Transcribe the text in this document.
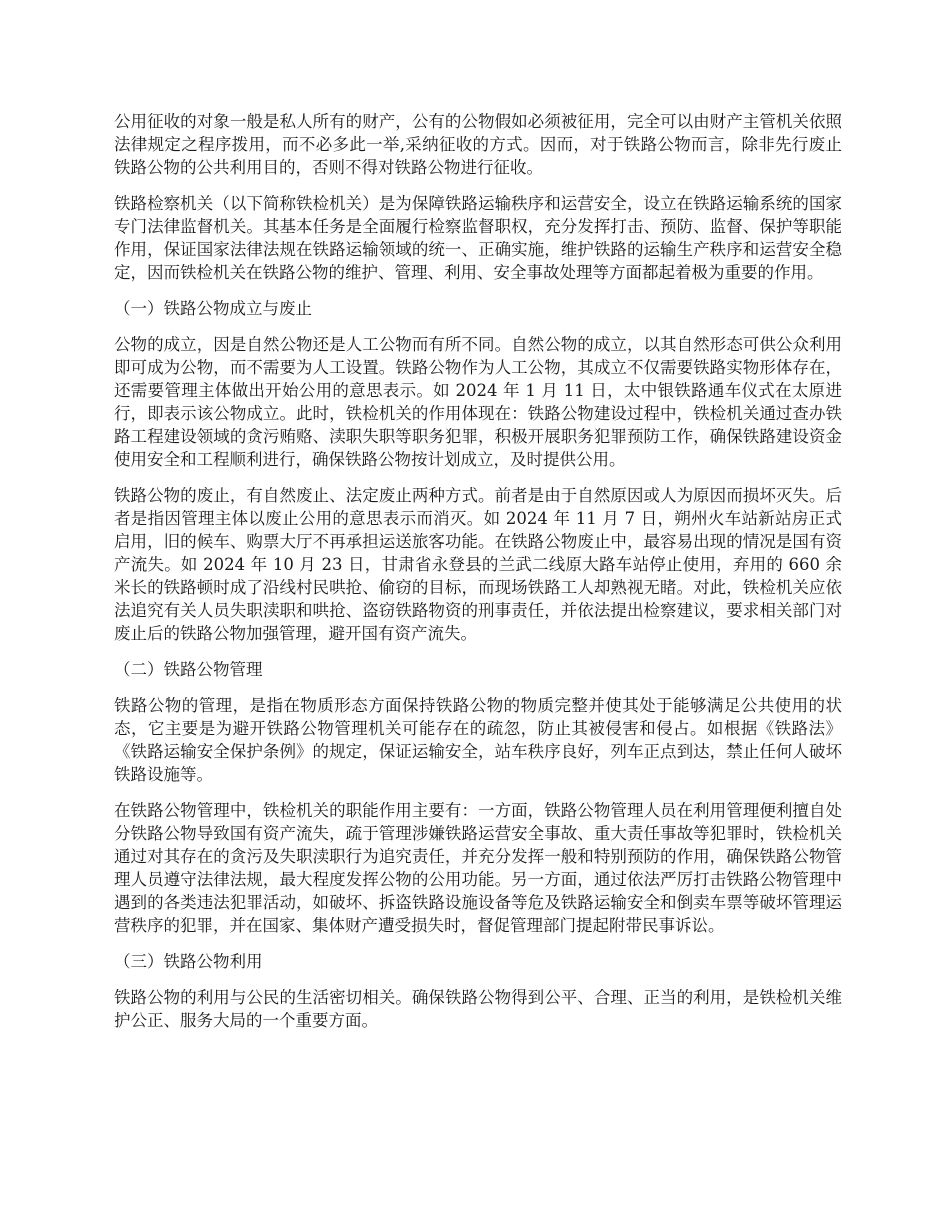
公用征收的对象一般是私人所有的财产，公有的公物假如必须被征用，完全可以由财产主管机关依照法律规定之程序拨用，而不必多此一举,采纳征收的方式。因而，对于铁路公物而言，除非先行废止铁路公物的公共利用目的，否则不得对铁路公物进行征收。

铁路检察机关（以下简称铁检机关）是为保障铁路运输秩序和运营安全，设立在铁路运输系统的国家专门法律监督机关。其基本任务是全面履行检察监督职权，充分发挥打击、预防、监督、保护等职能作用，保证国家法律法规在铁路运输领域的统一、正确实施，维护铁路的运输生产秩序和运营安全稳定，因而铁检机关在铁路公物的维护、管理、利用、安全事故处理等方面都起着极为重要的作用。

（一）铁路公物成立与废止

公物的成立，因是自然公物还是人工公物而有所不同。自然公物的成立，以其自然形态可供公众利用即可成为公物，而不需要为人工设置。铁路公物作为人工公物，其成立不仅需要铁路实物形体存在，还需要管理主体做出开始公用的意思表示。如 2024 年 1 月 11 日，太中银铁路通车仪式在太原进行，即表示该公物成立。此时，铁检机关的作用体现在：铁路公物建设过程中，铁检机关通过查办铁路工程建设领域的贪污贿赂、渎职失职等职务犯罪，积极开展职务犯罪预防工作，确保铁路建设资金使用安全和工程顺利进行，确保铁路公物按计划成立，及时提供公用。

铁路公物的废止，有自然废止、法定废止两种方式。前者是由于自然原因或人为原因而损坏灭失。后者是指因管理主体以废止公用的意思表示而消灭。如 2024 年 11 月 7 日，朔州火车站新站房正式启用，旧的候车、购票大厅不再承担运送旅客功能。在铁路公物废止中，最容易出现的情况是国有资产流失。如 2024 年 10 月 23 日，甘肃省永登县的兰武二线原大路车站停止使用，弃用的 660 余米长的铁路顿时成了沿线村民哄抢、偷窃的目标，而现场铁路工人却熟视无睹。对此，铁检机关应依法追究有关人员失职渎职和哄抢、盗窃铁路物资的刑事责任，并依法提出检察建议，要求相关部门对废止后的铁路公物加强管理，避开国有资产流失。

（二）铁路公物管理

铁路公物的管理，是指在物质形态方面保持铁路公物的物质完整并使其处于能够满足公共使用的状态，它主要是为避开铁路公物管理机关可能存在的疏忽，防止其被侵害和侵占。如根据《铁路法》《铁路运输安全保护条例》的规定，保证运输安全，站车秩序良好，列车正点到达，禁止任何人破坏铁路设施等。

在铁路公物管理中，铁检机关的职能作用主要有：一方面，铁路公物管理人员在利用管理便利擅自处分铁路公物导致国有资产流失，疏于管理涉嫌铁路运营安全事故、重大责任事故等犯罪时，铁检机关通过对其存在的贪污及失职渎职行为追究责任，并充分发挥一般和特别预防的作用，确保铁路公物管理人员遵守法律法规，最大程度发挥公物的公用功能。另一方面，通过依法严厉打击铁路公物管理中遇到的各类违法犯罪活动，如破坏、拆盗铁路设施设备等危及铁路运输安全和倒卖车票等破坏管理运营秩序的犯罪，并在国家、集体财产遭受损失时，督促管理部门提起附带民事诉讼。

（三）铁路公物利用

铁路公物的利用与公民的生活密切相关。确保铁路公物得到公平、合理、正当的利用，是铁检机关维护公正、服务大局的一个重要方面。
